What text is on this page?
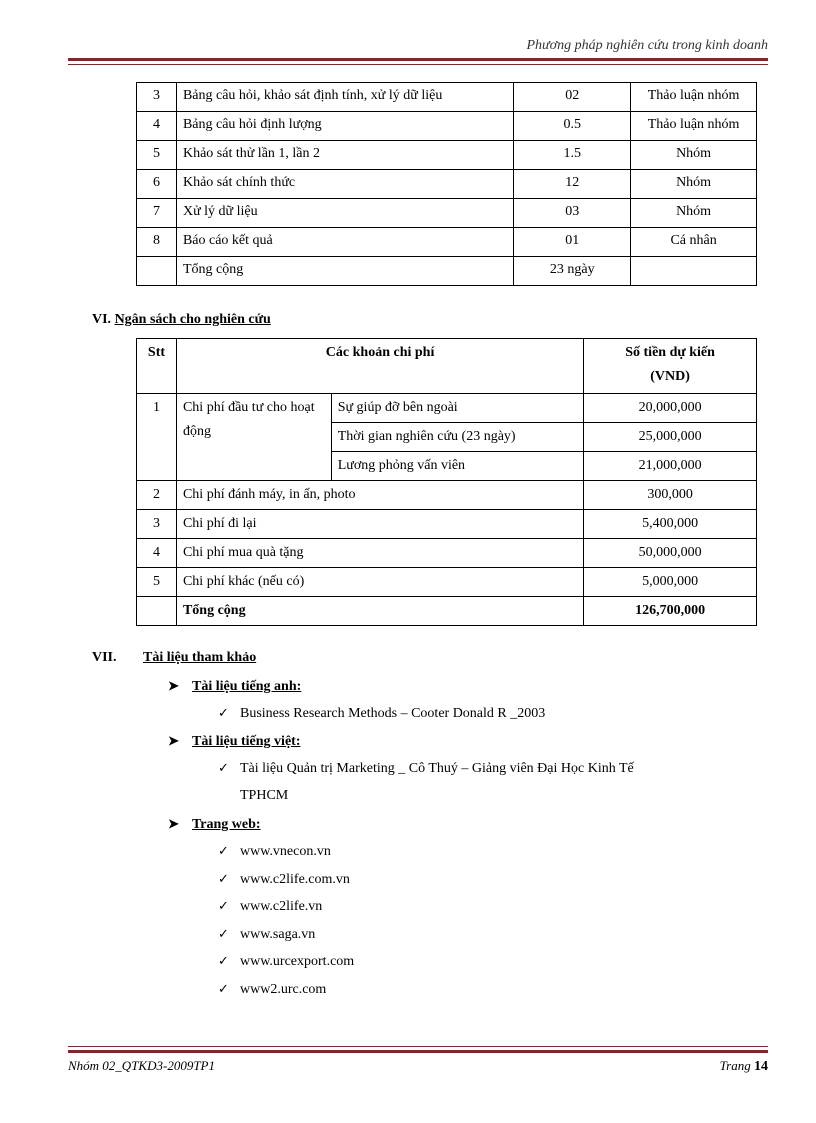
Phương pháp nghiên cứu trong kinh doanh
3	Bảng câu hỏi, khảo sát định tính, xử lý dữ liệu	02	Thảo luận nhóm
4	Bảng câu hỏi định lượng	0.5	Thảo luận nhóm
5	Khảo sát thử lần 1, lần 2	1.5	Nhóm
6	Khảo sát chính thức	12	Nhóm
7	Xử lý dữ liệu	03	Nhóm
8	Báo cáo kết quả	01	Cá nhân
	Tổng cộng	23 ngày	
VI. Ngân sách cho nghiên cứu
Stt	Các khoản chi phí		Số tiền dự kiến
(VND)

1	Chi phí đầu tư cho hoạt động	Sự giúp đỡ bên ngoài	20,000,000
		Thời gian nghiên cứu (23 ngày)	25,000,000
		Lương phỏng vấn viên	21,000,000
2	Chi phí đánh máy, in ấn, photo		300,000
3	Chi phí đi lại		5,400,000
4	Chi phí mua quà tặng		50,000,000
5	Chi phí khác (nếu có)		5,000,000
	Tổng cộng		126,700,000
VII. Tài liệu tham khảo
➤ Tài liệu tiếng anh:
✓ Business Research Methods – Cooter Donald R _2003
➤ Tài liệu tiếng việt:
✓ Tài liệu Quản trị Marketing _ Cô Thuý – Giảng viên Đại Học Kinh Tế
TPHCM
➤ Trang web:
✓ www.vnecon.vn
✓ www.c2life.com.vn
✓ www.c2life.vn
✓ www.saga.vn
✓ www.urcexport.com
✓ www2.urc.com
Nhóm 02_QTKD3-2009TP1	Trang 14
